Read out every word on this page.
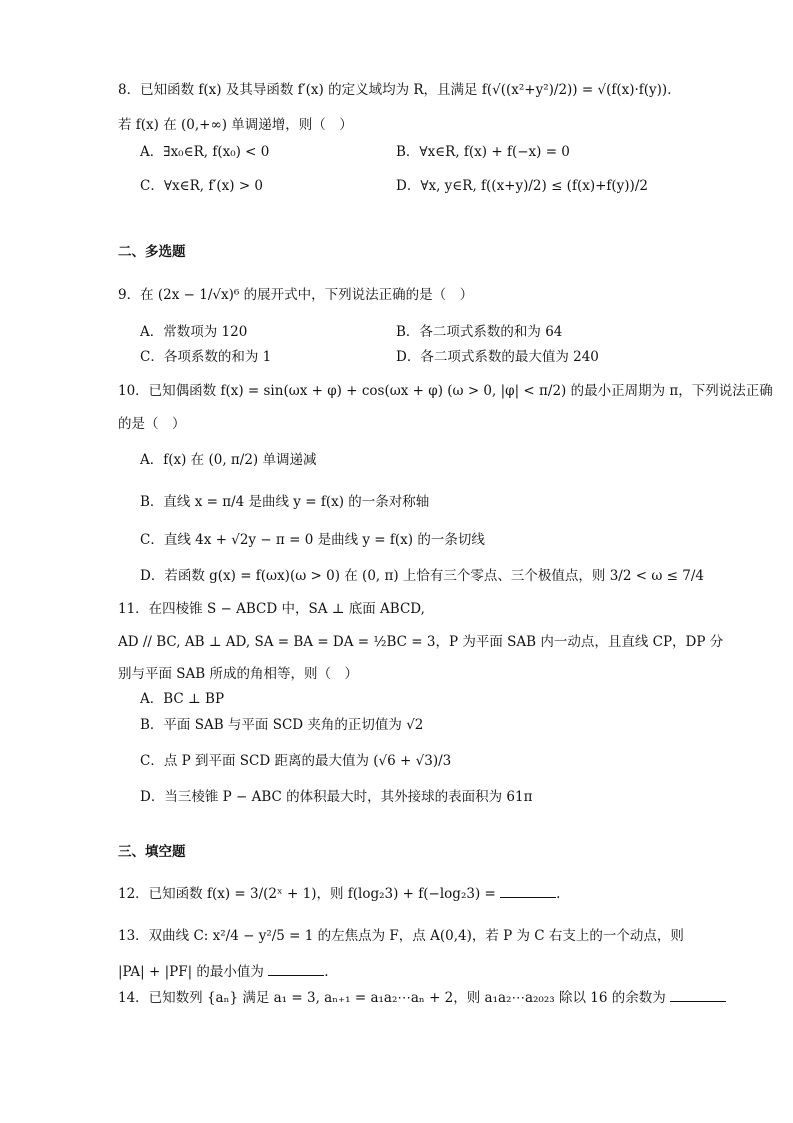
8．已知函数 f(x) 及其导函数 f′(x) 的定义域均为 R，且满足 f(√((x²+y²)/2)) = √(f(x)·f(y))．
若 f(x) 在 (0,+∞) 单调递增，则（　）
A．∃x₀∈R, f(x₀) < 0	B．∀x∈R, f(x) + f(−x) = 0
C．∀x∈R, f′(x) > 0	D．∀x, y∈R, f((x+y)/2) ≤ (f(x)+f(y))/2
二、多选题
9．在 (2x − 1/√x)⁶ 的展开式中，下列说法正确的是（　）
A．常数项为 120	B．各二项式系数的和为 64
C．各项系数的和为 1	D．各二项式系数的最大值为 240
10．已知偶函数 f(x) = sin(ωx + φ) + cos(ωx + φ) (ω > 0, |φ| < π/2) 的最小正周期为 π，下列说法正确
的是（　）
A．f(x) 在 (0, π/2) 单调递减
B．直线 x = π/4 是曲线 y = f(x) 的一条对称轴
C．直线 4x + √2y − π = 0 是曲线 y = f(x) 的一条切线
D．若函数 g(x) = f(ωx)(ω > 0) 在 (0, π) 上恰有三个零点、三个极值点，则 3/2 < ω ≤ 7/4
11．在四棱锥 S − ABCD 中，SA ⊥ 底面 ABCD,
AD // BC, AB ⊥ AD, SA = BA = DA = ½BC = 3，P 为平面 SAB 内一动点，且直线 CP，DP 分
别与平面 SAB 所成的角相等，则（　）
A．BC ⊥ BP
B．平面 SAB 与平面 SCD 夹角的正切值为 √2
C．点 P 到平面 SCD 距离的最大值为 (√6 + √3)/3
D．当三棱锥 P − ABC 的体积最大时，其外接球的表面积为 61π
三、填空题
12．已知函数 f(x) = 3/(2ˣ + 1)，则 f(log₂3) + f(−log₂3) =	.
13．双曲线 C: x²/4 − y²/5 = 1 的左焦点为 F，点 A(0,4)，若 P 为 C 右支上的一个动点，则
|PA| + |PF| 的最小值为	.
14．已知数列 {aₙ} 满足 a₁ = 3, aₙ₊₁ = a₁a₂⋯aₙ + 2，则 a₁a₂⋯a₂₀₂₃ 除以 16 的余数为
